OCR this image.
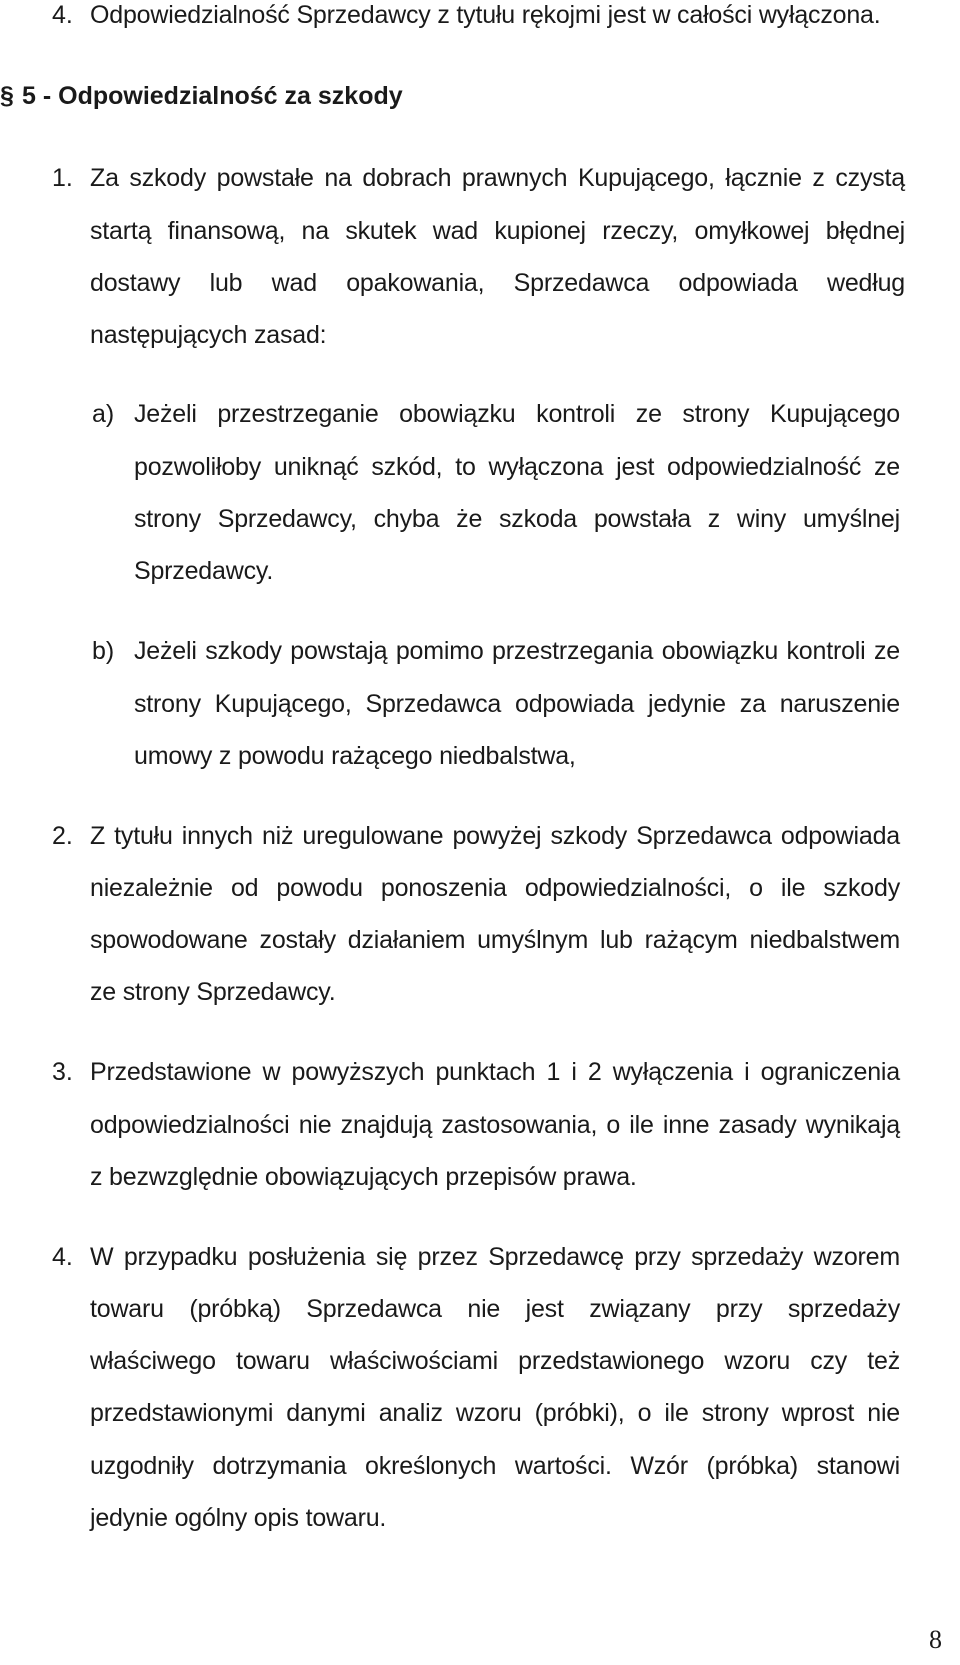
4. Odpowiedzialność Sprzedawcy z tytułu rękojmi jest w całości wyłączona.
§ 5 - Odpowiedzialność za szkody
1. Za szkody powstałe na dobrach prawnych Kupującego, łącznie z czystą
startą finansową, na skutek wad kupionej rzeczy, omyłkowej błędnej
dostawy lub wad opakowania, Sprzedawca odpowiada według
następujących zasad:
a) Jeżeli przestrzeganie obowiązku kontroli ze strony Kupującego
pozwoliłoby uniknąć szkód, to wyłączona jest odpowiedzialność ze
strony Sprzedawcy, chyba że szkoda powstała z winy umyślnej
Sprzedawcy.
b) Jeżeli szkody powstają pomimo przestrzegania obowiązku kontroli ze
strony Kupującego, Sprzedawca odpowiada jedynie za naruszenie
umowy z powodu rażącego niedbalstwa,
2. Z tytułu innych niż uregulowane powyżej szkody Sprzedawca odpowiada
niezależnie od powodu ponoszenia odpowiedzialności, o ile szkody
spowodowane zostały działaniem umyślnym lub rażącym niedbalstwem
ze strony Sprzedawcy.
3. Przedstawione w powyższych punktach 1 i 2 wyłączenia i ograniczenia
odpowiedzialności nie znajdują zastosowania, o ile inne zasady wynikają
z bezwzględnie obowiązujących przepisów prawa.
4. W przypadku posłużenia się przez Sprzedawcę przy sprzedaży wzorem
towaru (próbką) Sprzedawca nie jest związany przy sprzedaży
właściwego towaru właściwościami przedstawionego wzoru czy też
przedstawionymi danymi analiz wzoru (próbki), o ile strony wprost nie
uzgodniły dotrzymania określonych wartości. Wzór (próbka) stanowi
jedynie ogólny opis towaru.
8
